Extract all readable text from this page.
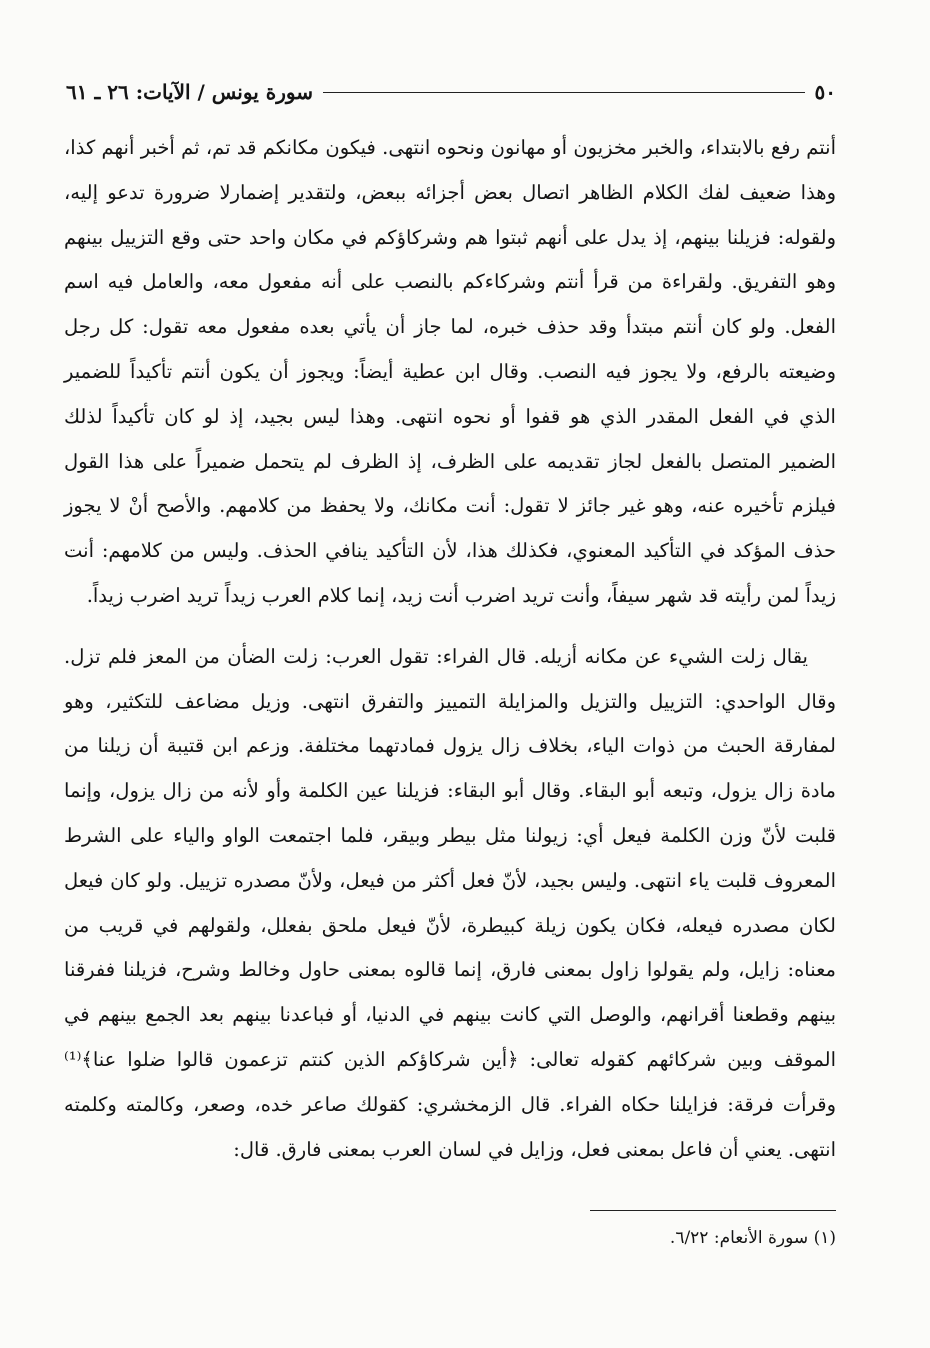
٥٠
سورة يونس / الآيات: ٢٦ ـ ٦١

أنتم رفع بالابتداء، والخبر مخزيون أو مهانون ونحوه انتهى. فيكون مكانكم قد تم، ثم أخبر أنهم كذا، وهذا ضعيف لفك الكلام الظاهر اتصال بعض أجزائه ببعض، ولتقدير إضمارلا ضرورة تدعو إليه، ولقوله: فزيلنا بينهم، إذ يدل على أنهم ثبتوا هم وشركاؤكم في مكان واحد حتى وقع التزييل بينهم وهو التفريق. ولقراءة من قرأ أنتم وشركاءكم بالنصب على أنه مفعول معه، والعامل فيه اسم الفعل. ولو كان أنتم مبتدأ وقد حذف خبره، لما جاز أن يأتي بعده مفعول معه تقول: كل رجل وضيعته بالرفع، ولا يجوز فيه النصب. وقال ابن عطية أيضاً: ويجوز أن يكون أنتم تأكيداً للضمير الذي في الفعل المقدر الذي هو قفوا أو نحوه انتهى. وهذا ليس بجيد، إذ لو كان تأكيداً لذلك الضمير المتصل بالفعل لجاز تقديمه على الظرف، إذ الظرف لم يتحمل ضميراً على هذا القول فيلزم تأخيره عنه، وهو غير جائز لا تقول: أنت مكانك، ولا يحفظ من كلامهم. والأصح أنْ لا يجوز حذف المؤكد في التأكيد المعنوي، فكذلك هذا، لأن التأكيد ينافي الحذف. وليس من كلامهم: أنت زيداً لمن رأيته قد شهر سيفاً، وأنت تريد اضرب أنت زيد، إنما كلام العرب زيداً تريد اضرب زيداً.

يقال زلت الشيء عن مكانه أزيله. قال الفراء: تقول العرب: زلت الضأن من المعز فلم تزل. وقال الواحدي: التزييل والتزيل والمزايلة التمييز والتفرق انتهى. وزيل مضاعف للتكثير، وهو لمفارقة الحبث من ذوات الياء، بخلاف زال يزول فمادتهما مختلفة. وزعم ابن قتيبة أن زيلنا من مادة زال يزول، وتبعه أبو البقاء. وقال أبو البقاء: فزيلنا عين الكلمة وأو لأنه من زال يزول، وإنما قلبت لأنّ وزن الكلمة فيعل أي: زيولنا مثل بيطر وبيقر، فلما اجتمعت الواو والياء على الشرط المعروف قلبت ياء انتهى. وليس بجيد، لأنّ فعل أكثر من فيعل، ولأنّ مصدره تزييل. ولو كان فيعل لكان مصدره فيعله، فكان يكون زيلة كبيطرة، لأنّ فيعل ملحق بفعلل، ولقولهم في قريب من معناه: زايل، ولم يقولوا زاول بمعنى فارق، إنما قالوه بمعنى حاول وخالط وشرح، فزيلنا ففرقنا بينهم وقطعنا أقرانهم، والوصل التي كانت بينهم في الدنيا، أو فباعدنا بينهم بعد الجمع بينهم في الموقف وبين شركائهم كقوله تعالى: ﴿أين شركاؤكم الذين كنتم تزعمون قالوا ضلوا عنا﴾⁽¹⁾ وقرأت فرقة: فزايلنا حكاه الفراء. قال الزمخشري: كقولك صاعر خده، وصعر، وكالمته وكلمته انتهى. يعني أن فاعل بمعنى فعل، وزايل في لسان العرب بمعنى فارق. قال:

(١) سورة الأنعام: ٦/٢٢.
